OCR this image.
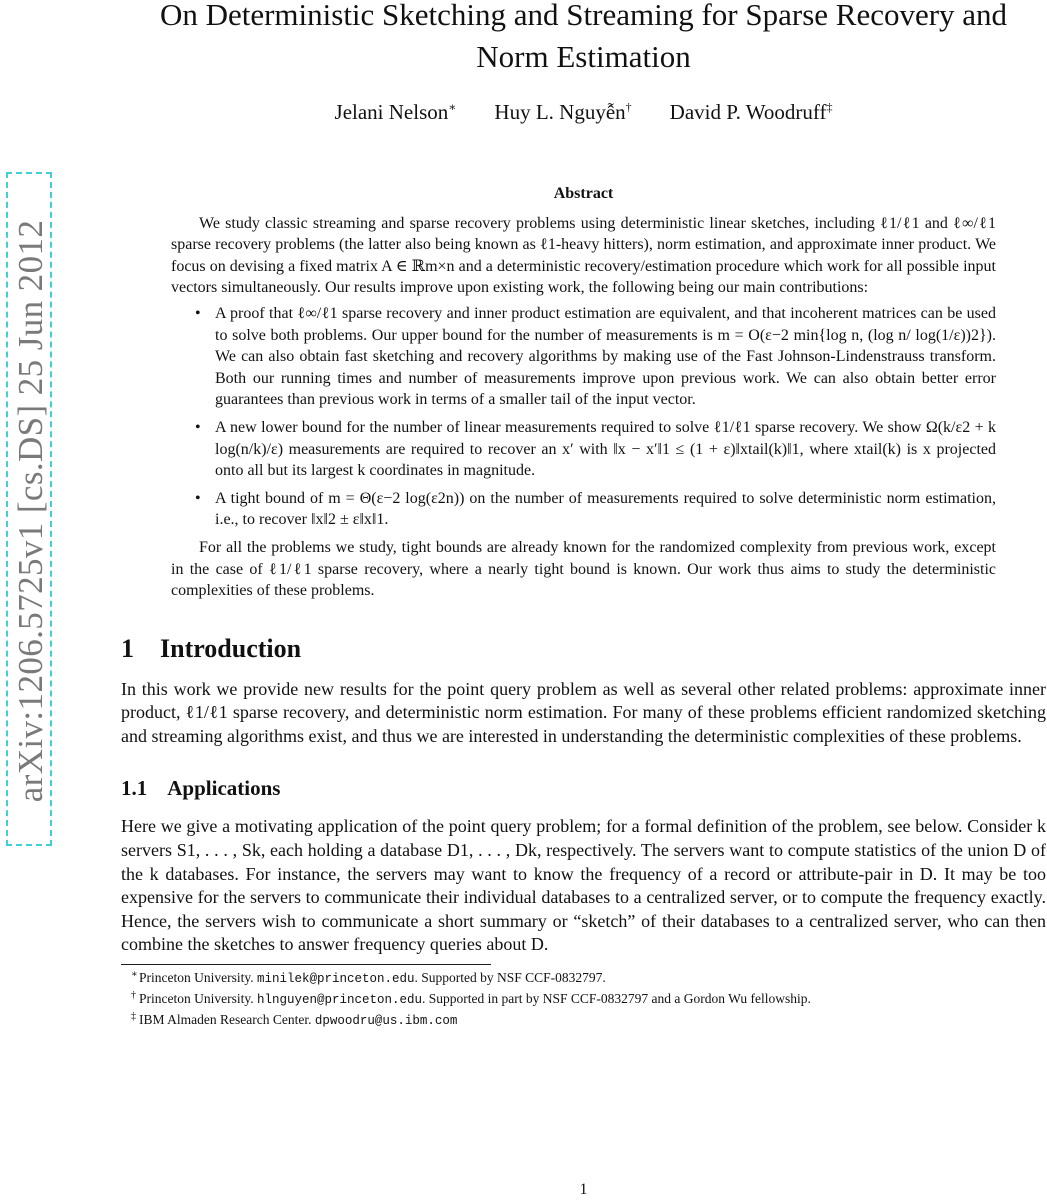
arXiv:1206.5725v1 [cs.DS] 25 Jun 2012
On Deterministic Sketching and Streaming for Sparse Recovery and Norm Estimation
Jelani Nelson∗ Huy L. Nguyễn† David P. Woodruff‡
Abstract

We study classic streaming and sparse recovery problems using deterministic linear sketches, including ℓ1/ℓ1 and ℓ∞/ℓ1 sparse recovery problems (the latter also being known as ℓ1-heavy hitters), norm estimation, and approximate inner product. We focus on devising a fixed matrix A ∈ ℝm×n and a deterministic recovery/estimation procedure which work for all possible input vectors simultaneously. Our results improve upon existing work, the following being our main contributions:

• A proof that ℓ∞/ℓ1 sparse recovery and inner product estimation are equivalent, and that incoherent matrices can be used to solve both problems. Our upper bound for the number of measurements is m = O(ε−2 min{log n, (log n/ log(1/ε))2}). We can also obtain fast sketching and recovery algorithms by making use of the Fast Johnson-Lindenstrauss transform. Both our running times and number of measurements improve upon previous work. We can also obtain better error guarantees than previous work in terms of a smaller tail of the input vector.
• A new lower bound for the number of linear measurements required to solve ℓ1/ℓ1 sparse recovery. We show Ω(k/ε2 + k log(n/k)/ε) measurements are required to recover an x′ with ‖x − x′‖1 ≤ (1 + ε)‖xtail(k)‖1, where xtail(k) is x projected onto all but its largest k coordinates in magnitude.
• A tight bound of m = Θ(ε−2 log(ε2n)) on the number of measurements required to solve deterministic norm estimation, i.e., to recover ‖x‖2 ± ε‖x‖1.

For all the problems we study, tight bounds are already known for the randomized complexity from previous work, except in the case of ℓ1/ℓ1 sparse recovery, where a nearly tight bound is known. Our work thus aims to study the deterministic complexities of these problems.

1 Introduction

In this work we provide new results for the point query problem as well as several other related problems: approximate inner product, ℓ1/ℓ1 sparse recovery, and deterministic norm estimation. For many of these problems efficient randomized sketching and streaming algorithms exist, and thus we are interested in understanding the deterministic complexities of these problems.

1.1 Applications

Here we give a motivating application of the point query problem; for a formal definition of the problem, see below. Consider k servers S1, . . . , Sk, each holding a database D1, . . . , Dk, respectively. The servers want to compute statistics of the union D of the k databases. For instance, the servers may want to know the frequency of a record or attribute-pair in D. It may be too expensive for the servers to communicate their individual databases to a centralized server, or to compute the frequency exactly. Hence, the servers wish to communicate a short summary or “sketch” of their databases to a centralized server, who can then combine the sketches to answer frequency queries about D.

∗ Princeton University. minilek@princeton.edu. Supported by NSF CCF-0832797.

† Princeton University. hlnguyen@princeton.edu. Supported in part by NSF CCF-0832797 and a Gordon Wu fellowship.

‡ IBM Almaden Research Center. dpwoodru@us.ibm.com

1
